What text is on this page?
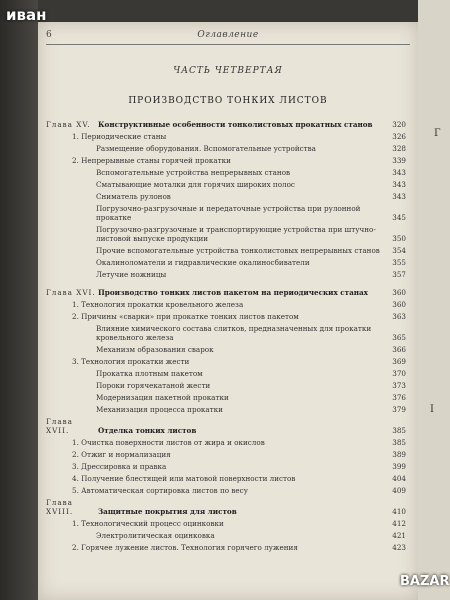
Г
I
6	Оглавление
ЧАСТЬ ЧЕТВЕРТАЯ
ПРОИЗВОДСТВО ТОНКИХ ЛИСТОВ
Глава XV. Конструктивные особенности тонколистовых прокатных станов	320
1. Периодические станы	326
Размещение оборудования. Вспомогательные устройства	328
2. Непрерывные станы горячей прокатки	339
Вспомогательные устройства непрерывных станов	343
Сматывающие моталки для горячих широких полос	343
Сниматель рулонов	343
Погрузочно-разгрузочные и передаточные устройства при рулонной прокатке	345
Погрузочно-разгрузочные и транспортирующие устройства при штучно-листовой выпуске продукции	350
Прочие вспомогательные устройства тонколистовых непрерывных станов	354
Окалиноломатели и гидравлические окалиносбиватели	355
Летучие ножницы	357
Глава XVI. Производство тонких листов пакетом на периодических станах	360
1. Технология прокатки кровельного железа	360
2. Причины «сварки» при прокатке тонких листов пакетом	363
Влияние химического состава слитков, предназначенных для прокатки кровельного железа	365
Механизм образования сварок	366
3. Технология прокатки жести	369
Прокатка плотным пакетом	370
Пороки горячекатаной жести	373
Модернизация пакетной прокатки	376
Механизация процесса прокатки	379
Глава XVII.	Отделка тонких листов	385
1. Очистка поверхности листов от жира и окислов	385
2. Отжиг и нормализация	389
3. Дрессировка и правка	399
4. Получение блестящей или матовой поверхности листов	404
5. Автоматическая сортировка листов по весу	409
Глава XVIII.	Защитные покрытия для листов	410
1. Технологический процесс оцинковки	412
Электролитическая оцинковка	421
2. Горячее лужение листов. Технология горячего лужения	423
иван
BAZAR
